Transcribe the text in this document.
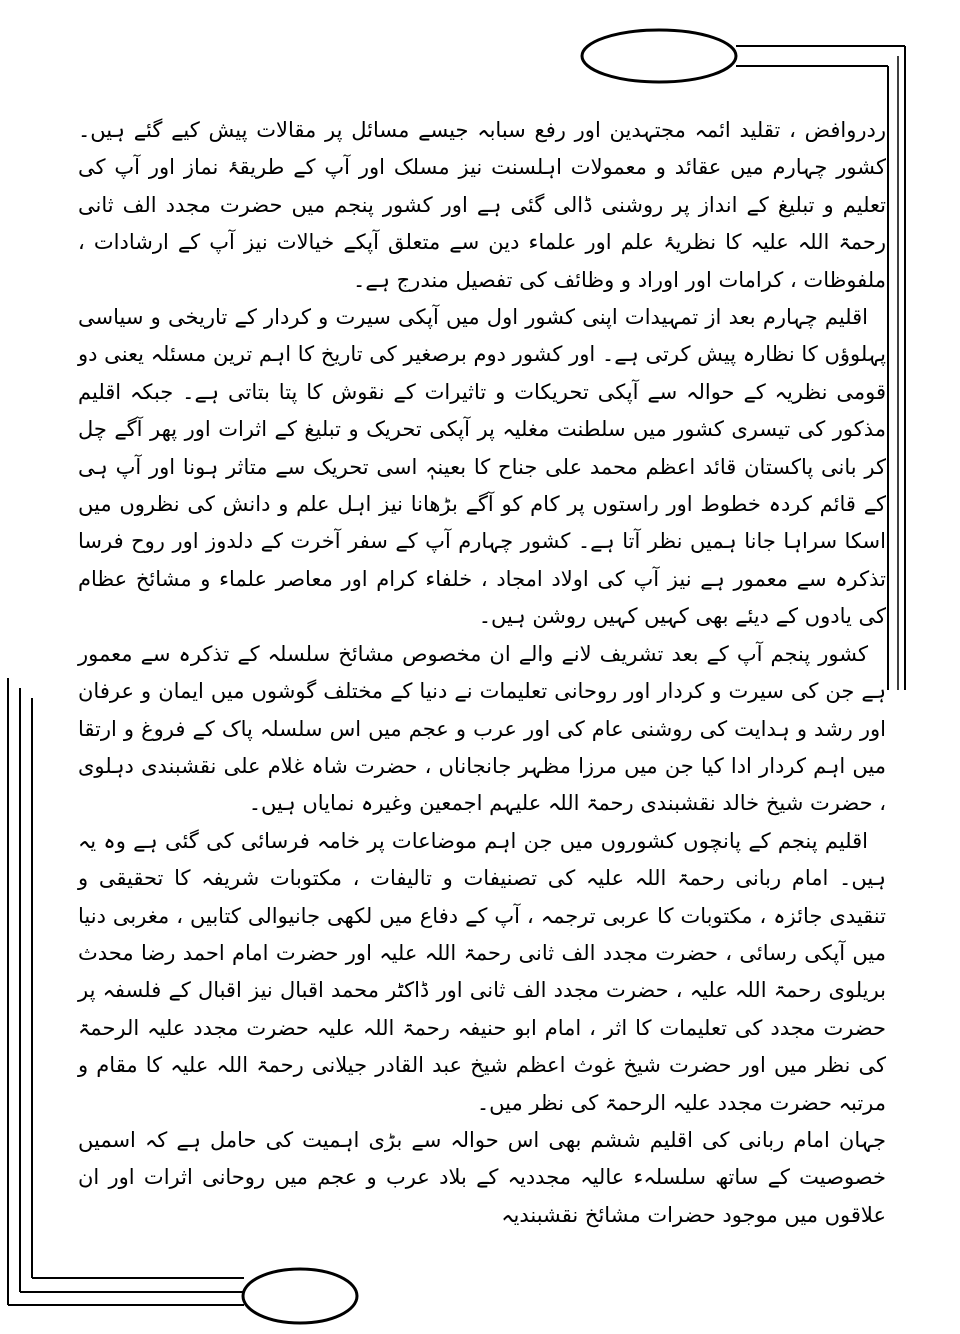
ردروافض ، تقلید ائمہ مجتہدین اور رفع سبابہ جیسے مسائل پر مقالات پیش کیے گئے ہیں۔ کشور چہارم میں عقائد و معمولات اہلسنت نیز مسلک اور آپ کے طریقۂ نماز اور آپ کی تعلیم و تبلیغ کے انداز پر روشنی ڈالی گئی ہے اور کشور پنجم میں حضرت مجدد الف ثانی رحمۃ اللہ علیہ کا نظریۂ علم اور علماء دین سے متعلق آپکے خیالات نیز آپ کے ارشادات ، ملفوظات ، کرامات اور اوراد و وظائف کی تفصیل مندرج ہے۔

اقلیم چہارم بعد از تمہیدات اپنی کشور اول میں آپکی سیرت و کردار کے تاریخی و سیاسی پہلوؤں کا نظارہ پیش کرتی ہے۔ اور کشور دوم برصغیر کی تاریخ کا اہم ترین مسئلہ یعنی دو قومی نظریہ کے حوالہ سے آپکی تحریکات و تاثیرات کے نقوش کا پتا بتاتی ہے۔ جبکہ اقلیم مذکور کی تیسری کشور میں سلطنت مغلیہ پر آپکی تحریک و تبلیغ کے اثرات اور پھر آگے چل کر بانی پاکستان قائد اعظم محمد علی جناح کا بعینہٖ اسی تحریک سے متاثر ہونا اور آپ ہی کے قائم کردہ خطوط اور راستوں پر کام کو آگے بڑھانا نیز اہل علم و دانش کی نظروں میں اسکا سراہا جانا ہمیں نظر آتا ہے۔ کشور چہارم آپ کے سفر آخرت کے دلدوز اور روح فرسا تذکرہ سے معمور ہے نیز آپ کی اولاد امجاد ، خلفاء کرام اور معاصر علماء و مشائخ عظام کی یادوں کے دیئے بھی کہیں کہیں روشن ہیں۔

کشور پنجم آپ کے بعد تشریف لانے والے ان مخصوص مشائخ سلسلہ کے تذکرہ سے معمور ہے جن کی سیرت و کردار اور روحانی تعلیمات نے دنیا کے مختلف گوشوں میں ایمان و عرفان اور رشد و ہدایت کی روشنی عام کی اور عرب و عجم میں اس سلسلہ پاک کے فروغ و ارتقا میں اہم کردار ادا کیا جن میں مرزا مظہر جانجاناں ، حضرت شاہ غلام علی نقشبندی دہلوی ، حضرت شیخ خالد نقشبندی رحمۃ اللہ علیہم اجمعین وغیرہ نمایاں ہیں۔

اقلیم پنجم کے پانچوں کشوروں میں جن اہم موضاعات پر خامہ فرسائی کی گئی ہے وہ یہ ہیں۔ امام ربانی رحمۃ اللہ علیہ کی تصنیفات و تالیفات ، مکتوبات شریفہ کا تحقیقی و تنقیدی جائزہ ، مکتوبات کا عربی ترجمہ ، آپ کے دفاع میں لکھی جانیوالی کتابیں ، مغربی دنیا میں آپکی رسائی ، حضرت مجدد الف ثانی رحمۃ اللہ علیہ اور حضرت امام احمد رضا محدث بریلوی رحمۃ اللہ علیہ ، حضرت مجدد الف ثانی اور ڈاکٹر محمد اقبال نیز اقبال کے فلسفہ پر حضرت مجدد کی تعلیمات کا اثر ، امام ابو حنیفہ رحمۃ اللہ علیہ حضرت مجدد علیہ الرحمۃ کی نظر میں اور حضرت شیخ غوث اعظم شیخ عبد القادر جیلانی رحمۃ اللہ علیہ کا مقام و مرتبہ حضرت مجدد علیہ الرحمۃ کی نظر میں۔

جہان امام ربانی کی اقلیم ششم بھی اس حوالہ سے بڑی اہمیت کی حامل ہے کہ اسمیں خصوصیت کے ساتھ سلسلہء عالیہ مجددیہ کے بلاد عرب و عجم میں روحانی اثرات اور ان علاقوں میں موجود حضرات مشائخ نقشبندیہ
